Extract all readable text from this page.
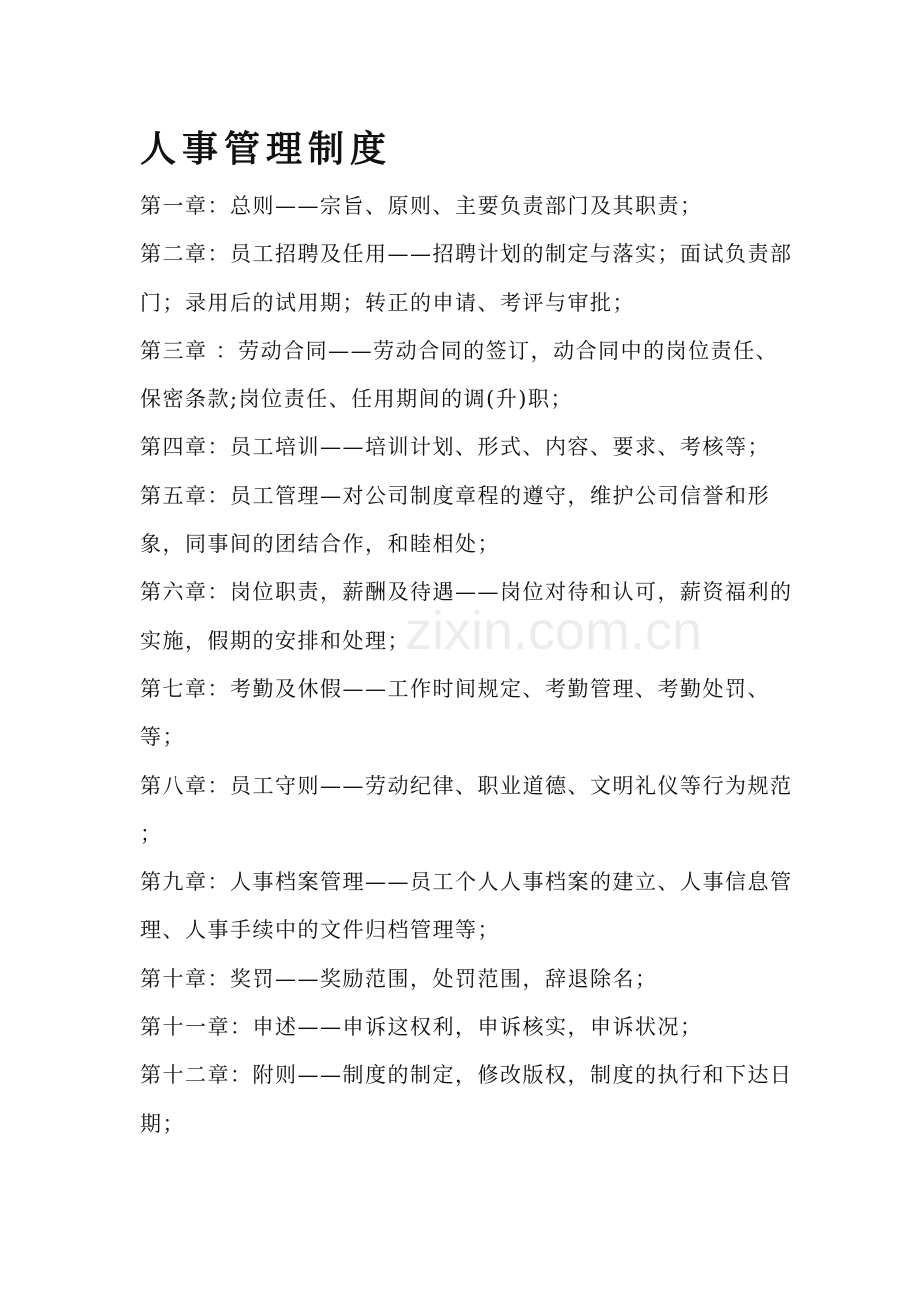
人事管理制度

第一章：总则——宗旨、原则、主要负责部门及其职责；

第二章：员工招聘及任用——招聘计划的制定与落实；面试负责部门；录用后的试用期；转正的申请、考评与审批；

第三章 ：劳动合同——劳动合同的签订，动合同中的岗位责任、保密条款;岗位责任、任用期间的调(升)职；

第四章：员工培训——培训计划、形式、内容、要求、考核等；

第五章：员工管理—对公司制度章程的遵守，维护公司信誉和形象，同事间的团结合作，和睦相处；

第六章：岗位职责，薪酬及待遇——岗位对待和认可，薪资福利的实施，假期的安排和处理；

第七章：考勤及休假——工作时间规定、考勤管理、考勤处罚、等；

第八章：员工守则——劳动纪律、职业道德、文明礼仪等行为规范 ；

第九章：人事档案管理——员工个人人事档案的建立、人事信息管理、人事手续中的文件归档管理等；

第十章：奖罚——奖励范围，处罚范围，辞退除名；

第十一章：申述——申诉这权利，申诉核实，申诉状况；

第十二章：附则——制度的制定，修改版权，制度的执行和下达日期；

zixin.com.cn
